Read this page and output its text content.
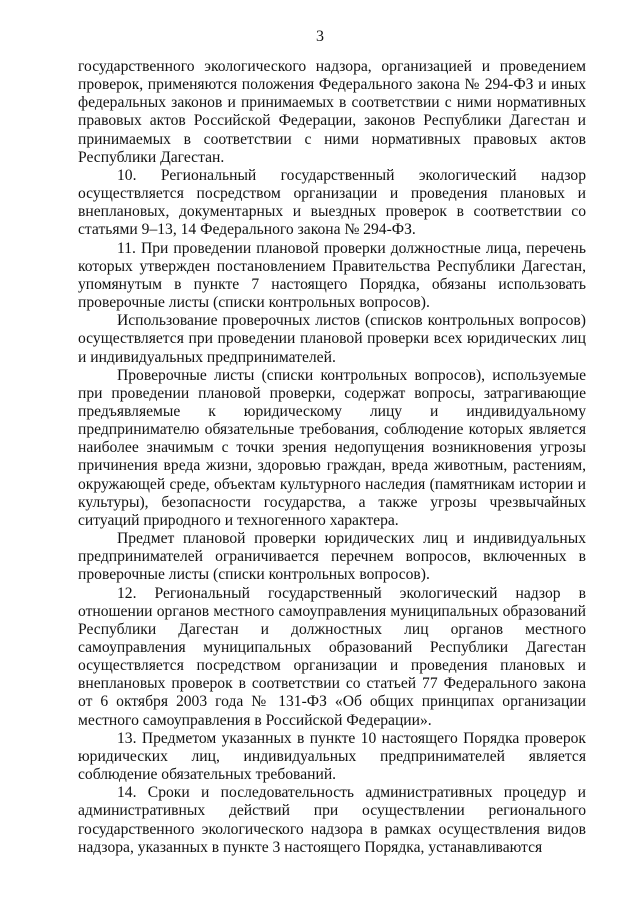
3

государственного экологического надзора, организацией и проведением проверок, применяются положения Федерального закона № 294-ФЗ и иных федеральных законов и принимаемых в соответствии с ними нормативных правовых актов Российской Федерации, законов Республики Дагестан и принимаемых в соответствии с ними нормативных правовых актов Республики Дагестан.

10. Региональный государственный экологический надзор осуществляется посредством организации и проведения плановых и внеплановых, документарных и выездных проверок в соответствии со статьями 9–13, 14 Федерального закона № 294-ФЗ.

11. При проведении плановой проверки должностные лица, перечень которых утвержден постановлением Правительства Республики Дагестан, упомянутым в пункте 7 настоящего Порядка, обязаны использовать проверочные листы (списки контрольных вопросов).

Использование проверочных листов (списков контрольных вопросов) осуществляется при проведении плановой проверки всех юридических лиц и индивидуальных предпринимателей.

Проверочные листы (списки контрольных вопросов), используемые при проведении плановой проверки, содержат вопросы, затрагивающие предъявляемые к юридическому лицу и индивидуальному предпринимателю обязательные требования, соблюдение которых является наиболее значимым с точки зрения недопущения возникновения угрозы причинения вреда жизни, здоровью граждан, вреда животным, растениям, окружающей среде, объектам культурного наследия (памятникам истории и культуры), безопасности государства, а также угрозы чрезвычайных ситуаций природного и техногенного характера.

Предмет плановой проверки юридических лиц и индивидуальных предпринимателей ограничивается перечнем вопросов, включенных в проверочные листы (списки контрольных вопросов).

12. Региональный государственный экологический надзор в отношении органов местного самоуправления муниципальных образований Республики Дагестан и должностных лиц органов местного самоуправления муниципальных образований Республики Дагестан осуществляется посредством организации и проведения плановых и внеплановых проверок в соответствии со статьей 77 Федерального закона от 6 октября 2003 года № 131-ФЗ «Об общих принципах организации местного самоуправления в Российской Федерации».

13. Предметом указанных в пункте 10 настоящего Порядка проверок юридических лиц, индивидуальных предпринимателей является соблюдение обязательных требований.

14. Сроки и последовательность административных процедур и административных действий при осуществлении регионального государственного экологического надзора в рамках осуществления видов надзора, указанных в пункте 3 настоящего Порядка, устанавливаются
